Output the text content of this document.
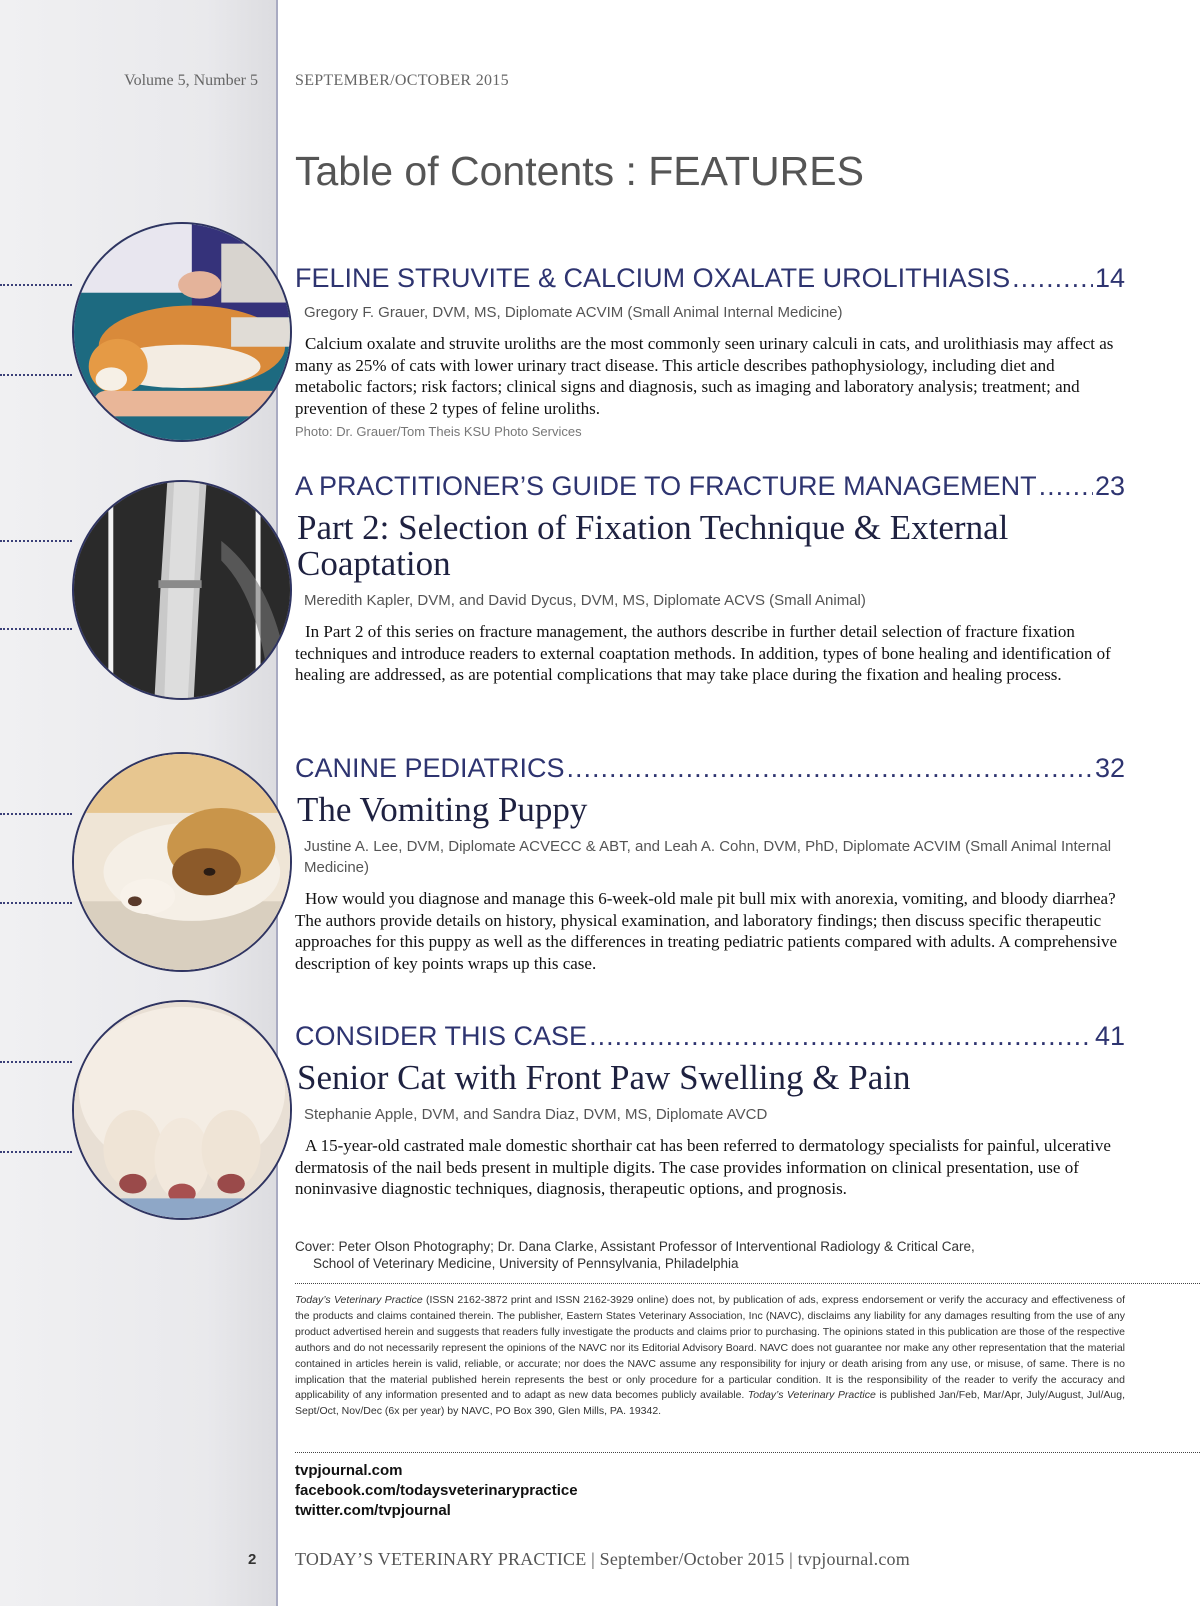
Volume 5, Number 5 SEPTEMBER/OCTOBER 2015
Table of Contents : FEATURES
FELINE STRUVITE & CALCIUM OXALATE UROLITHIASIS .....	14
Gregory F. Grauer, DVM, MS, Diplomate ACVIM (Small Animal Internal Medicine)
Calcium oxalate and struvite uroliths are the most commonly seen urinary calculi in cats, and urolithiasis may affect as many as 25% of cats with lower urinary tract disease. This article describes pathophysiology, including diet and metabolic factors; risk factors; clinical signs and diagnosis, such as imaging and laboratory analysis; treatment; and prevention of these 2 types of feline uroliths.
Photo: Dr. Grauer/Tom Theis KSU Photo Services
A PRACTITIONER’S GUIDE TO FRACTURE MANAGEMENT ..... 23
Part 2: Selection of Fixation Technique & External Coaptation
Meredith Kapler, DVM, and David Dycus, DVM, MS, Diplomate ACVS (Small Animal)
In Part 2 of this series on fracture management, the authors describe in further detail selection of fracture fixation techniques and introduce readers to external coaptation methods. In addition, types of bone healing and identification of healing are addressed, as are potential complications that may take place during the fixation and healing process.
CANINE PEDIATRICS .....	32
The Vomiting Puppy
Justine A. Lee, DVM, Diplomate ACVECC & ABT, and Leah A. Cohn, DVM, PhD, Diplomate ACVIM (Small Animal Internal Medicine)
How would you diagnose and manage this 6-week-old male pit bull mix with anorexia, vomiting, and bloody diarrhea? The authors provide details on history, physical examination, and laboratory findings; then discuss specific therapeutic approaches for this puppy as well as the differences in treating pediatric patients compared with adults. A comprehensive description of key points wraps up this case.
CONSIDER THIS CASE .....	41
Senior Cat with Front Paw Swelling & Pain
Stephanie Apple, DVM, and Sandra Diaz, DVM, MS, Diplomate AVCD
A 15-year-old castrated male domestic shorthair cat has been referred to dermatology specialists for painful, ulcerative dermatosis of the nail beds present in multiple digits. The case provides information on clinical presentation, use of noninvasive diagnostic techniques, diagnosis, therapeutic options, and prognosis.
Cover: Peter Olson Photography; Dr. Dana Clarke, Assistant Professor of Interventional Radiology & Critical Care,
School of Veterinary Medicine, University of Pennsylvania, Philadelphia
Today’s Veterinary Practice (ISSN 2162-3872 print and ISSN 2162-3929 online) does not, by publication of ads, express endorsement or verify the accuracy and effectiveness of the products and claims contained therein. The publisher, Eastern States Veterinary Association, Inc (NAVC), disclaims any liability for any damages resulting from the use of any product advertised herein and suggests that readers fully investigate the products and claims prior to purchasing. The opinions stated in this publication are those of the respective authors and do not necessarily represent the opinions of the NAVC nor its Editorial Advisory Board. NAVC does not guarantee nor make any other representation that the material contained in articles herein is valid, reliable, or accurate; nor does the NAVC assume any responsibility for injury or death arising from any use, or misuse, of same. There is no implication that the material published herein represents the best or only procedure for a particular condition. It is the responsibility of the reader to verify the accuracy and applicability of any information presented and to adapt as new data becomes publicly available. Today’s Veterinary Practice is published Jan/Feb, Mar/Apr, July/August, Jul/Aug, Sept/Oct, Nov/Dec (6x per year) by NAVC, PO Box 390, Glen Mills, PA. 19342.
tvpjournal.com
facebook.com/todaysveterinarypractice
twitter.com/tvpjournal
2 TODAY’S VETERINARY PRACTICE | September/October 2015 | tvpjournal.com
